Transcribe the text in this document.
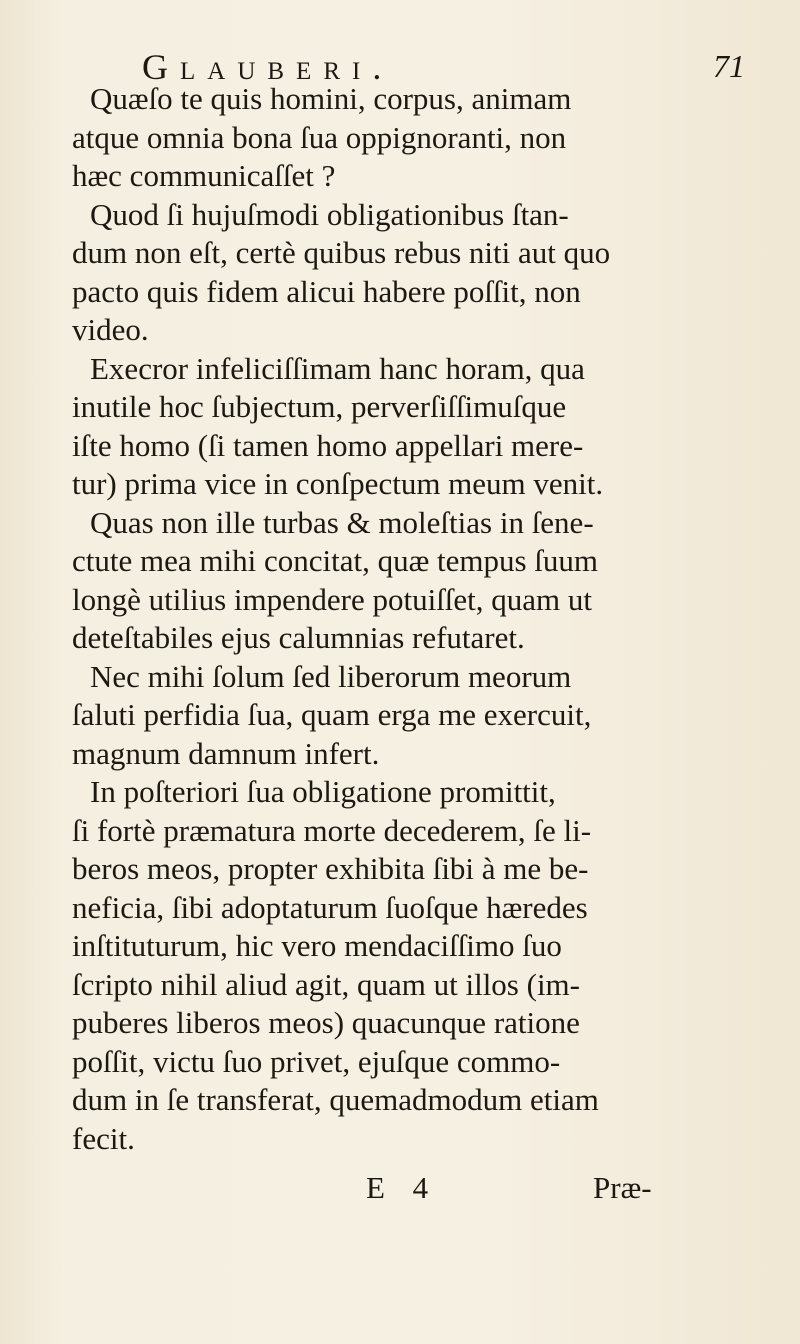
Glauberi.	71
Quæſo te quis homini, corpus, animam
atque omnia bona ſua oppignoranti, non
hæc communicaſſet ?
Quod ſi hujuſmodi obligationibus ſtan-
dum non eſt, certè quibus rebus niti aut quo
pacto quis fidem alicui habere poſſit, non
video.
Execror infeliciſſimam hanc horam, qua
inutile hoc ſubjectum, perverſiſſimuſque
iſte homo (ſi tamen homo appellari mere-
tur) prima vice in conſpectum meum venit.
Quas non ille turbas & moleſtias in ſene-
ctute mea mihi concitat, quæ tempus ſuum
longè utilius impendere potuiſſet, quam ut
deteſtabiles ejus calumnias refutaret.
Nec mihi ſolum ſed liberorum meorum
ſaluti perfidia ſua, quam erga me exercuit,
magnum damnum infert.
In poſteriori ſua obligatione promittit,
ſi fortè præmatura morte decederem, ſe li-
beros meos, propter exhibita ſibi à me be-
neficia, ſibi adoptaturum ſuoſque hæredes
inſtituturum, hic vero mendaciſſimo ſuo
ſcripto nihil aliud agit, quam ut illos (im-
puberes liberos meos) quacunque ratione
poſſit, victu ſuo privet, ejuſque commo-
dum in ſe transferat, quemadmodum etiam
fecit.
E 4	Præ-
